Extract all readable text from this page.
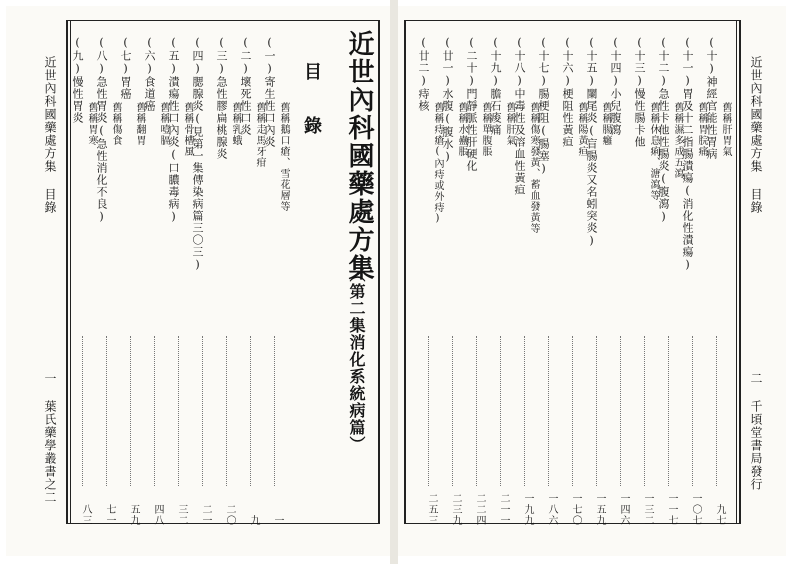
近世內科國藥處方集
目錄
一
葉氏藥學叢書之二
近世內科國藥處方集
（第二集消化系統病篇）
目
錄
(一)寄生性口內炎
舊稱鵝口瘡、雪花層等
一
(二)壞死性口炎 舊稱走馬牙疳
九
(三)急性膠扁桃腺炎 舊稱乳蛾
二〇
(四)腮腺炎(見第一集傳染病篇三〇三)
二一
(五)潰瘍性口內炎(口膿毒病) 舊稱骨槽風
三二
(六)食道癌
舊稱噎膈
四八
(七)胃癌
舊稱翻胃
五九
(八)急性胃炎(急性消化不良) 舊稱傷食
七一
(九)慢性胃炎 舊稱胃寒
八三
近世內科國藥處方集
目錄
二
千頃堂書局發行
(十)神經官能性胃病 舊稱肝胃氣
九七
(十一)胃及十二指腸潰瘍(消化性潰瘍) 舊稱胃脘痛
一〇七
(十二)急性卡他性腸炎(腹瀉) 舊稱濕多成五瀉
一一七
(十三)慢性腸卡他
舊稱休息痢、溏瀉等
一三二
(十四)小兒腹瀉
一四六
(十五)闌尾炎(盲腸炎又名蚓突炎) 舊稱腸癰
一五九
(十六)梗阻性黃疸 舊稱陽黃疸
一七〇
(十七)腸梗阻(腸塞)
一八六
(十八)中毒性及溶血性黃疸 舊稱傷寒發黃、蓄血發黃等
一九九
(十九)膽石痠痛 舊稱肝氣
二一一
(二十)門靜脈性肝硬化 舊稱單腹脹
二二四
(廿一)水腹(腹水) 舊稱水蠱脹
二三九
(廿二)痔核
舊稱痔瘡(內痔或外痔)
二五三
